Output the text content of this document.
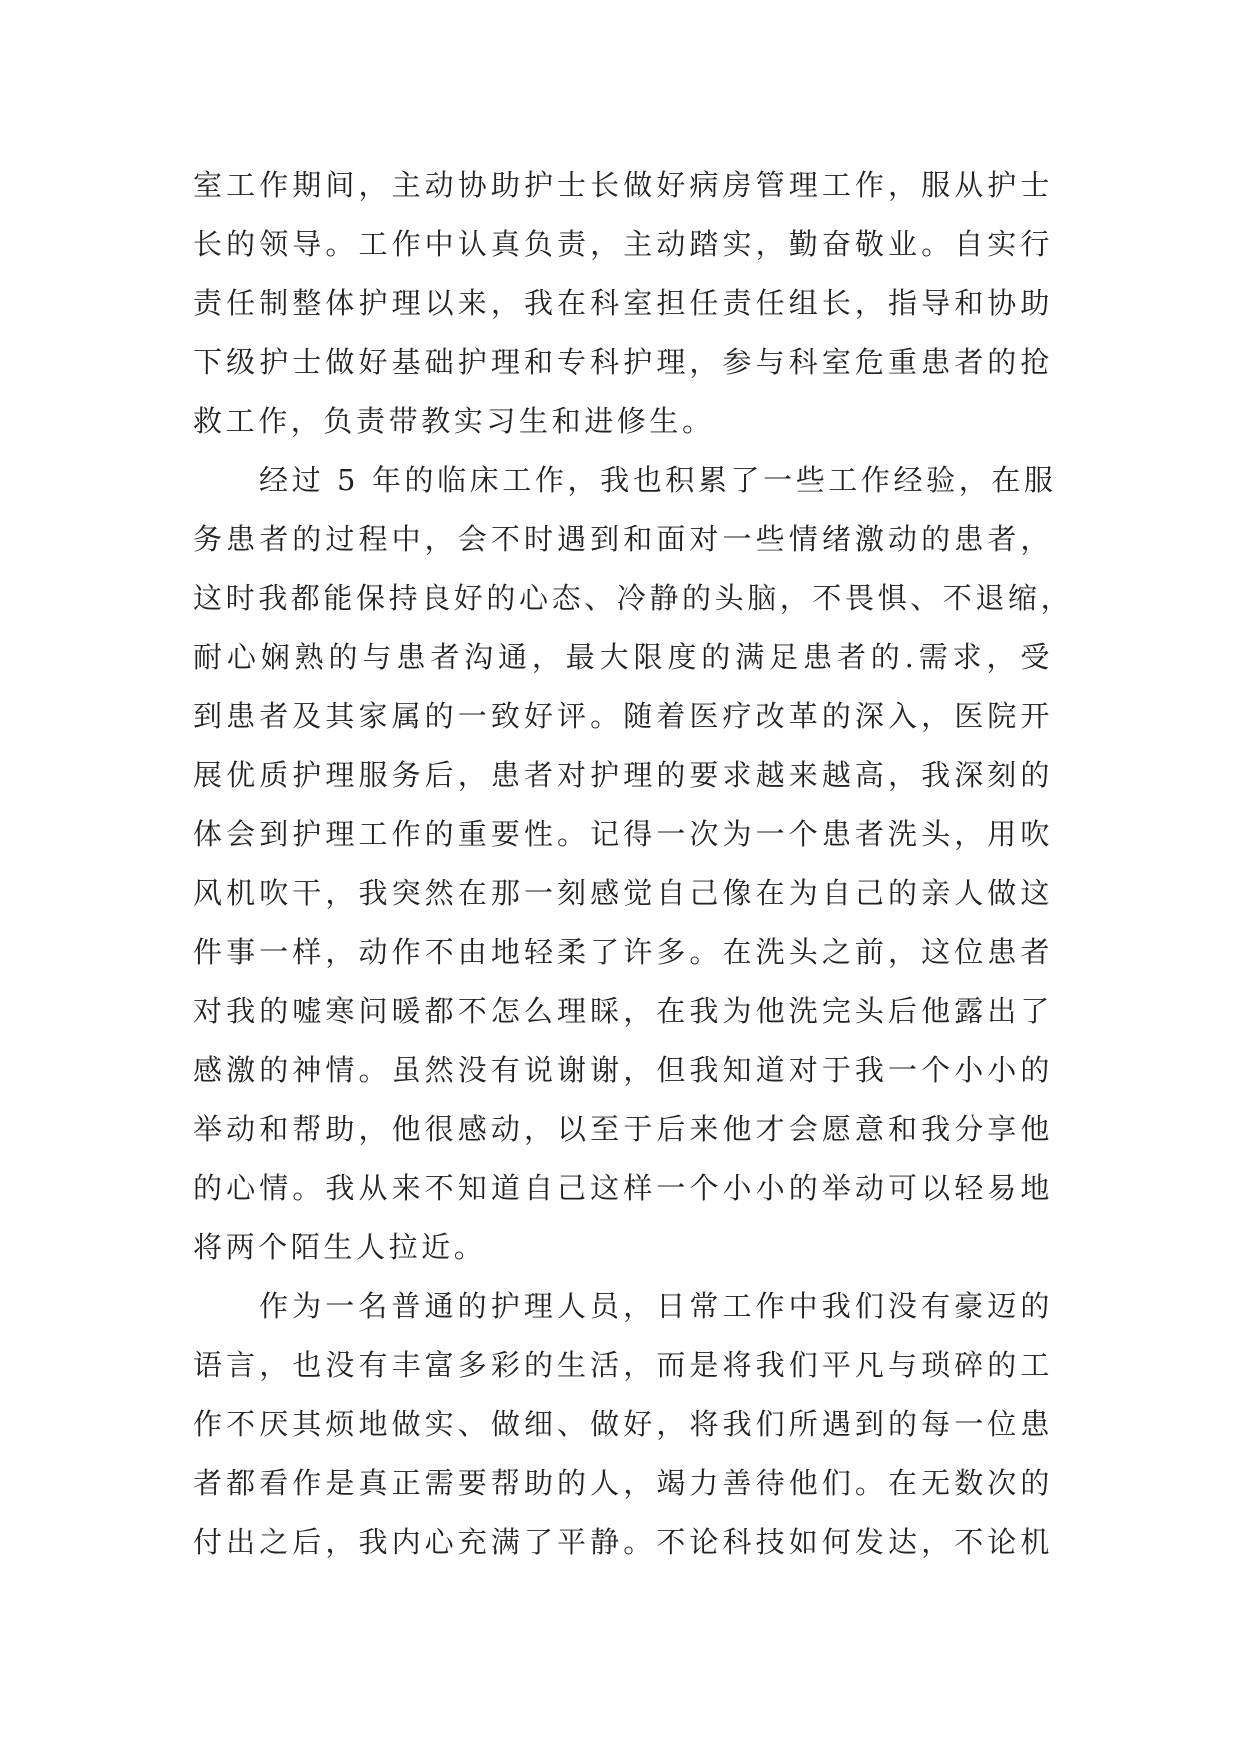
室工作期间，主动协助护士长做好病房管理工作，服从护士
长的领导。工作中认真负责，主动踏实，勤奋敬业。自实行
责任制整体护理以来，我在科室担任责任组长，指导和协助
下级护士做好基础护理和专科护理，参与科室危重患者的抢
救工作，负责带教实习生和进修生。
经过 5 年的临床工作，我也积累了一些工作经验，在服
务患者的过程中，会不时遇到和面对一些情绪激动的患者，
这时我都能保持良好的心态、冷静的头脑，不畏惧、不退缩，
耐心娴熟的与患者沟通，最大限度的满足患者的.需求，受
到患者及其家属的一致好评。随着医疗改革的深入，医院开
展优质护理服务后，患者对护理的要求越来越高，我深刻的
体会到护理工作的重要性。记得一次为一个患者洗头，用吹
风机吹干，我突然在那一刻感觉自己像在为自己的亲人做这
件事一样，动作不由地轻柔了许多。在洗头之前，这位患者
对我的嘘寒问暖都不怎么理睬，在我为他洗完头后他露出了
感激的神情。虽然没有说谢谢，但我知道对于我一个小小的
举动和帮助，他很感动，以至于后来他才会愿意和我分享他
的心情。我从来不知道自己这样一个小小的举动可以轻易地
将两个陌生人拉近。
作为一名普通的护理人员，日常工作中我们没有豪迈的
语言，也没有丰富多彩的生活，而是将我们平凡与琐碎的工
作不厌其烦地做实、做细、做好，将我们所遇到的每一位患
者都看作是真正需要帮助的人，竭力善待他们。在无数次的
付出之后，我内心充满了平静。不论科技如何发达，不论机
